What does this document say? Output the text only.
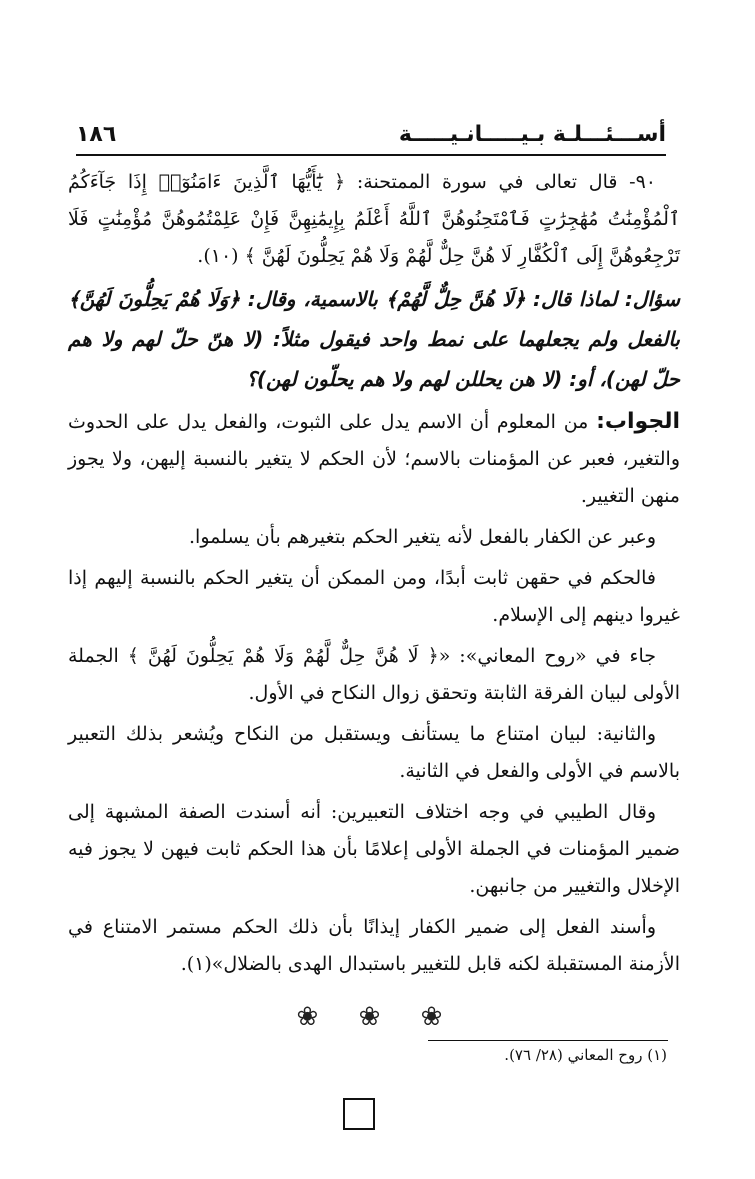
أســـئـــلـة بـيـــــانـيـــــة
١٨٦

٩٠- قال تعالى في سورة الممتحنة: ﴿ يَٰٓأَيُّهَا ٱلَّذِينَ ءَامَنُوٓا۟ إِذَا جَآءَكُمُ ٱلْمُؤْمِنَٰتُ مُهَٰجِرَٰتٍ فَٱمْتَحِنُوهُنَّ ٱللَّهُ أَعْلَمُ بِإِيمَٰنِهِنَّ فَإِنْ عَلِمْتُمُوهُنَّ مُؤْمِنَٰتٍ فَلَا تَرْجِعُوهُنَّ إِلَى ٱلْكُفَّارِ لَا هُنَّ حِلٌّ لَّهُمْ وَلَا هُمْ يَحِلُّونَ لَهُنَّ ﴾ (١٠).

سؤال: لماذا قال: ﴿لَا هُنَّ حِلٌّ لَّهُمْ﴾ بالاسمية، وقال: ﴿وَلَا هُمْ يَحِلُّونَ لَهُنَّ﴾ بالفعل ولم يجعلهما على نمط واحد فيقول مثلاً: (لا هنّ حلّ لهم ولا هم حلّ لهن)، أو: (لا هن يحللن لهم ولا هم يحلّون لهن)؟

الجواب: من المعلوم أن الاسم يدل على الثبوت، والفعل يدل على الحدوث والتغير، فعبر عن المؤمنات بالاسم؛ لأن الحكم لا يتغير بالنسبة إليهن، ولا يجوز منهن التغيير.

وعبر عن الكفار بالفعل لأنه يتغير الحكم بتغيرهم بأن يسلموا.

فالحكم في حقهن ثابت أبدًا، ومن الممكن أن يتغير الحكم بالنسبة إليهم إذا غيروا دينهم إلى الإسلام.

جاء في «روح المعاني»: «﴿ لَا هُنَّ حِلٌّ لَّهُمْ وَلَا هُمْ يَحِلُّونَ لَهُنَّ ﴾ الجملة الأولى لبيان الفرقة الثابتة وتحقق زوال النكاح في الأول.

والثانية: لبيان امتناع ما يستأنف ويستقبل من النكاح ويُشعر بذلك التعبير بالاسم في الأولى والفعل في الثانية.

وقال الطيبي في وجه اختلاف التعبيرين: أنه أسندت الصفة المشبهة إلى ضمير المؤمنات في الجملة الأولى إعلامًا بأن هذا الحكم ثابت فيهن لا يجوز فيه الإخلال والتغيير من جانبهن.

وأسند الفعل إلى ضمير الكفار إيذانًا بأن ذلك الحكم مستمر الامتناع في الأزمنة المستقبلة لكنه قابل للتغيير باستبدال الهدى بالضلال»(١).

❀ ❀ ❀
(١) روح المعاني (٢٨/ ٧٦).
